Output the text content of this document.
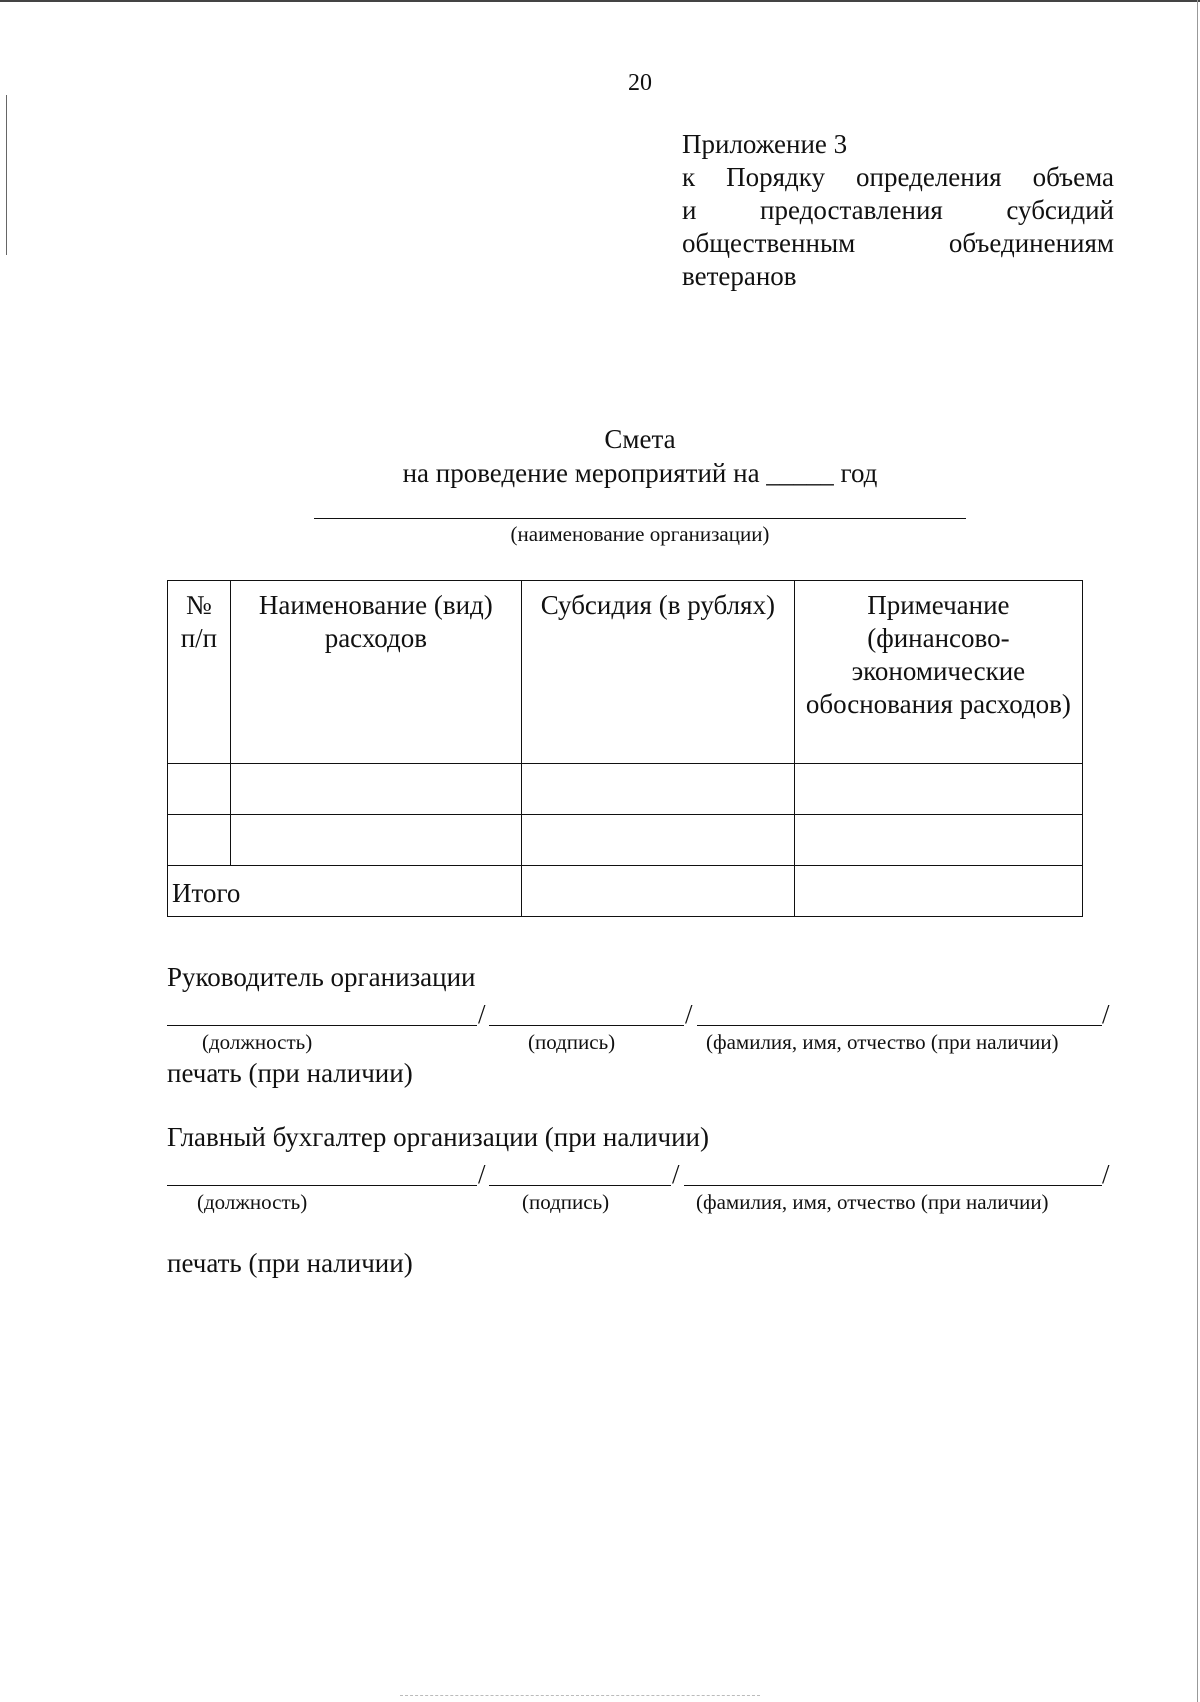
20
Приложение 3
к Порядку определения объема
и предоставления субсидий
общественным объединениям
ветеранов
Смета
на проведение мероприятий на _____ год
(наименование организации)
№ п/п	Наименование (вид) расходов	Субсидия (в рублях)	Примечание (финансово-экономические обоснования расходов)

Итого			
Руководитель организации
/	/	/
(должность)	(подпись)	(фамилия, имя, отчество (при наличии)
печать (при наличии)
Главный бухгалтер организации (при наличии)
/	/	/
(должность)	(подпись)	(фамилия, имя, отчество (при наличии)
печать (при наличии)
